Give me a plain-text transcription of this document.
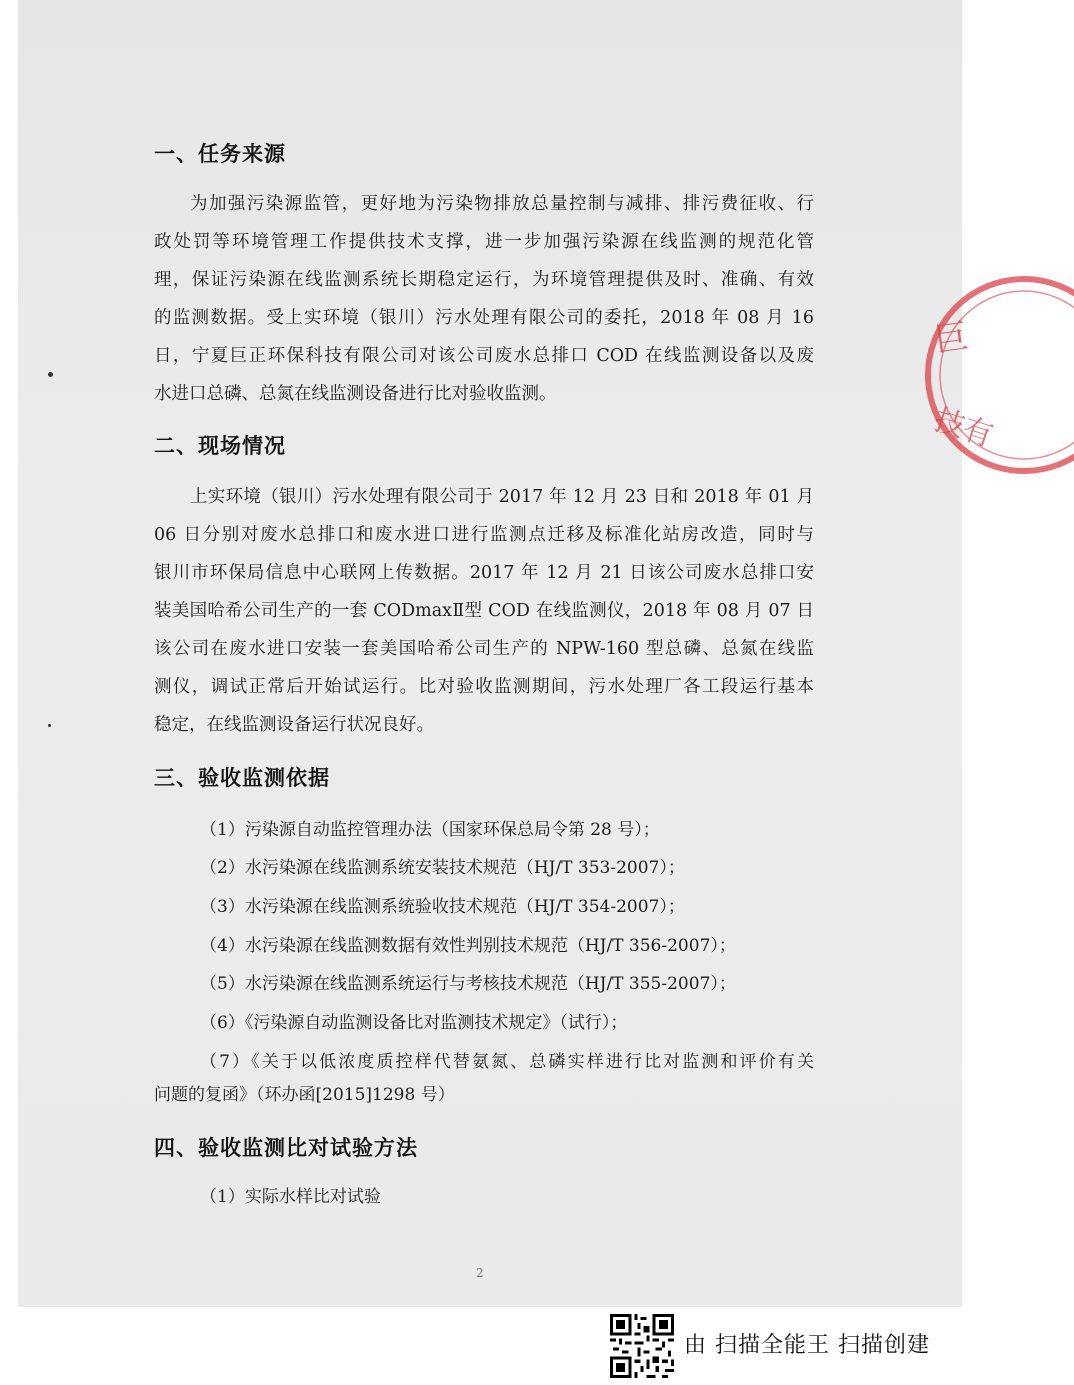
一、任务来源
为加强污染源监管，更好地为污染物排放总量控制与减排、排污费征收、行
政处罚等环境管理工作提供技术支撑，进一步加强污染源在线监测的规范化管
理，保证污染源在线监测系统长期稳定运行，为环境管理提供及时、准确、有效
的监测数据。受上实环境（银川）污水处理有限公司的委托，2018 年 08 月 16
日，宁夏巨正环保科技有限公司对该公司废水总排口 COD 在线监测设备以及废
水进口总磷、总氮在线监测设备进行比对验收监测。
二、现场情况
上实环境（银川）污水处理有限公司于 2017 年 12 月 23 日和 2018 年 01 月
06 日分别对废水总排口和废水进口进行监测点迁移及标准化站房改造，同时与
银川市环保局信息中心联网上传数据。2017 年 12 月 21 日该公司废水总排口安
装美国哈希公司生产的一套 CODmaxⅡ型 COD 在线监测仪，2018 年 08 月 07 日
该公司在废水进口安装一套美国哈希公司生产的 NPW-160 型总磷、总氮在线监
测仪，调试正常后开始试运行。比对验收监测期间，污水处理厂各工段运行基本
稳定，在线监测设备运行状况良好。
三、验收监测依据
（1）污染源自动监控管理办法（国家环保总局令第 28 号）；
（2）水污染源在线监测系统安装技术规范（HJ/T 353-2007）；
（3）水污染源在线监测系统验收技术规范（HJ/T 354-2007）；
（4）水污染源在线监测数据有效性判别技术规范（HJ/T 356-2007）；
（5）水污染源在线监测系统运行与考核技术规范（HJ/T 355-2007）；
（6）《污染源自动监测设备比对监测技术规定》（试行）；
（7）《关于以低浓度质控样代替氨氮、总磷实样进行比对监测和评价有关
问题的复函》（环办函[2015]1298 号）
四、验收监测比对试验方法
（1）实际水样比对试验
2
巨
技有
由 扫描全能王 扫描创建
